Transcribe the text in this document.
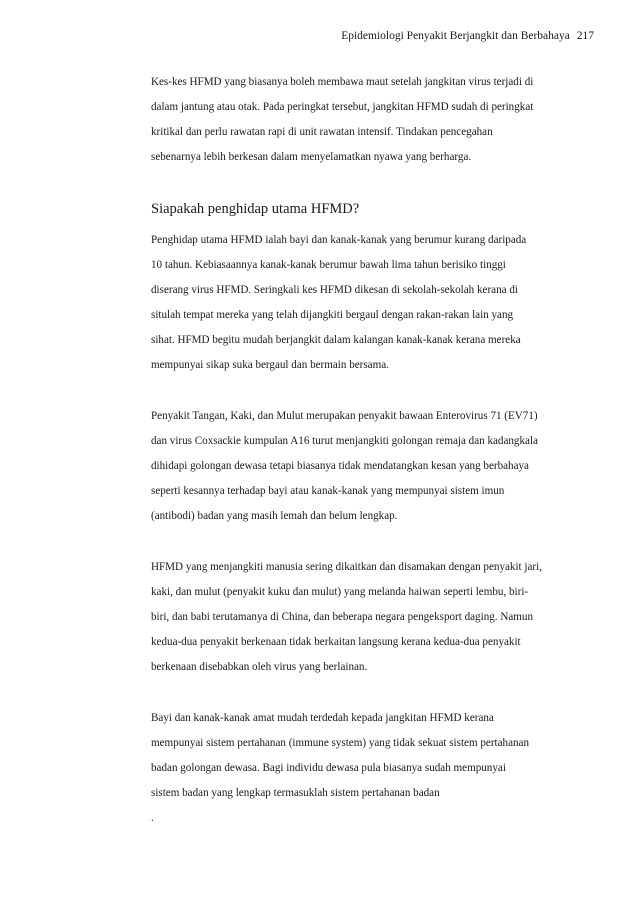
Epidemiologi Penyakit Berjangkit dan Berbahaya 217

Kes-kes HFMD yang biasanya boleh membawa maut setelah jangkitan virus terjadi di
dalam jantung atau otak. Pada peringkat tersebut, jangkitan HFMD sudah di peringkat
kritikal dan perlu rawatan rapi di unit rawatan intensif. Tindakan pencegahan
sebenarnya lebih berkesan dalam menyelamatkan nyawa yang berharga.

Siapakah penghidap utama HFMD?

Penghidap utama HFMD ialah bayi dan kanak-kanak yang berumur kurang daripada
10 tahun. Kebiasaannya kanak-kanak berumur bawah lima tahun berisiko tinggi
diserang virus HFMD. Seringkali kes HFMD dikesan di sekolah-sekolah kerana di
situlah tempat mereka yang telah dijangkiti bergaul dengan rakan-rakan lain yang
sihat. HFMD begitu mudah berjangkit dalam kalangan kanak-kanak kerana mereka
mempunyai sikap suka bergaul dan bermain bersama.

Penyakit Tangan, Kaki, dan Mulut merupakan penyakit bawaan Enterovirus 71 (EV71)
dan virus Coxsackie kumpulan A16 turut menjangkiti golongan remaja dan kadangkala
dihidapi golongan dewasa tetapi biasanya tidak mendatangkan kesan yang berbahaya
seperti kesannya terhadap bayi atau kanak-kanak yang mempunyai sistem imun
(antibodi) badan yang masih lemah dan belum lengkap.

HFMD yang menjangkiti manusia sering dikaitkan dan disamakan dengan penyakit jari,
kaki, dan mulut (penyakit kuku dan mulut) yang melanda haiwan seperti lembu, biri-
biri, dan babi terutamanya di China, dan beberapa negara pengeksport daging. Namun
kedua-dua penyakit berkenaan tidak berkaitan langsung kerana kedua-dua penyakit
berkenaan disebabkan oleh virus yang berlainan.

Bayi dan kanak-kanak amat mudah terdedah kepada jangkitan HFMD kerana
mempunyai sistem pertahanan (immune system) yang tidak sekuat sistem pertahanan
badan golongan dewasa. Bagi individu dewasa pula biasanya sudah mempunyai
sistem badan yang lengkap termasuklah sistem pertahanan badan
.
